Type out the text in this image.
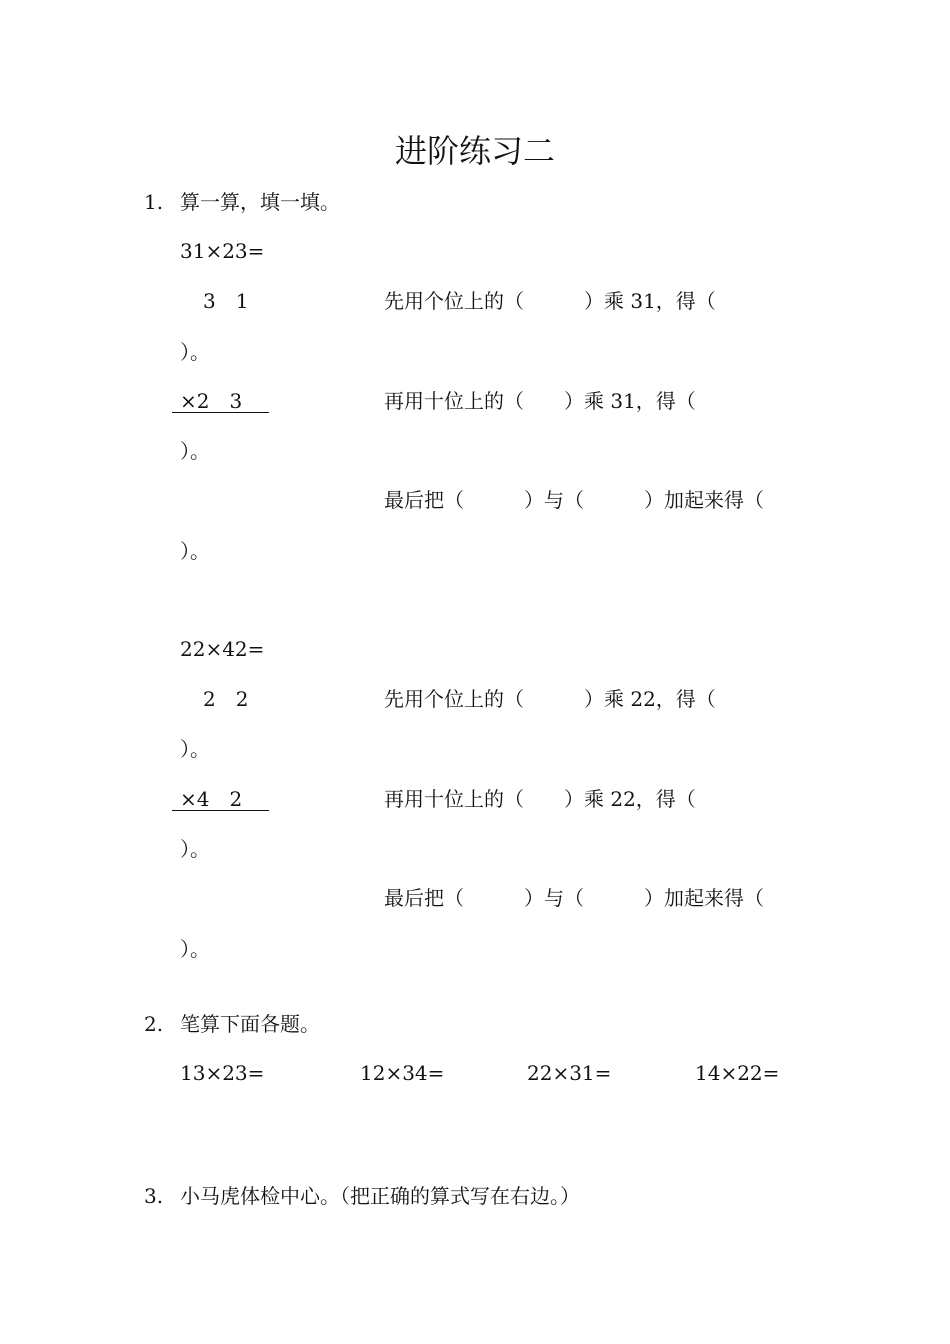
进阶练习二
1. 算一算，填一填。
31×23=
3　1	先用个位上的（　　　）乘 31，得（
）。
×2　3	再用十位上的（　　）乘 31，得（
）。
最后把（　　　）与（　　　）加起来得（
）。
22×42=
2　2	先用个位上的（　　　）乘 22，得（
）。
×4　2	再用十位上的（　　）乘 22，得（
）。
最后把（　　　）与（　　　）加起来得（
）。
2. 笔算下面各题。
13×23=	12×34=	22×31=	14×22=
3. 小马虎体检中心。（把正确的算式写在右边。）
